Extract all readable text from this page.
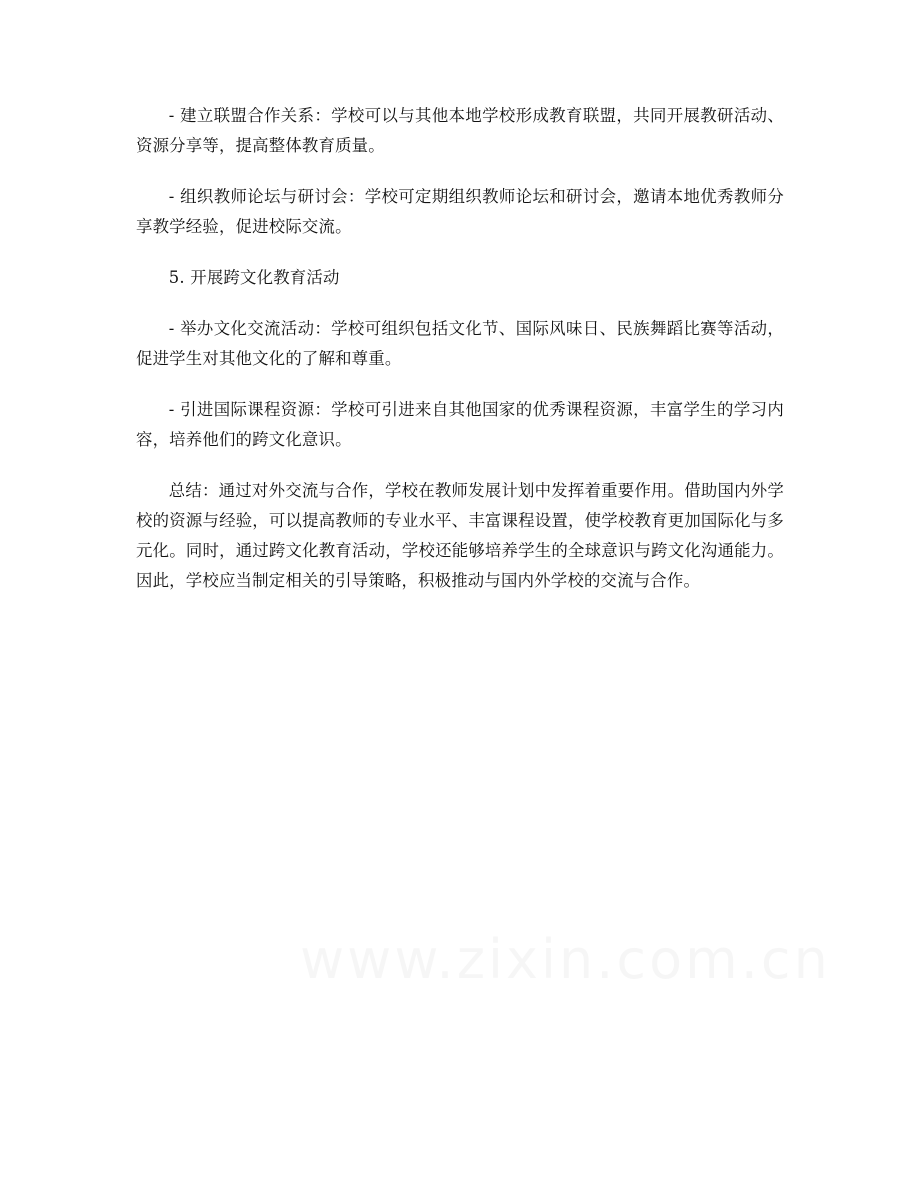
- 建立联盟合作关系：学校可以与其他本地学校形成教育联盟，共同开展教研活动、资源分享等，提高整体教育质量。

- 组织教师论坛与研讨会：学校可定期组织教师论坛和研讨会，邀请本地优秀教师分享教学经验，促进校际交流。

5. 开展跨文化教育活动

- 举办文化交流活动：学校可组织包括文化节、国际风味日、民族舞蹈比赛等活动，促进学生对其他文化的了解和尊重。

- 引进国际课程资源：学校可引进来自其他国家的优秀课程资源，丰富学生的学习内容，培养他们的跨文化意识。

总结：通过对外交流与合作，学校在教师发展计划中发挥着重要作用。借助国内外学校的资源与经验，可以提高教师的专业水平、丰富课程设置，使学校教育更加国际化与多元化。同时，通过跨文化教育活动，学校还能够培养学生的全球意识与跨文化沟通能力。因此，学校应当制定相关的引导策略，积极推动与国内外学校的交流与合作。
